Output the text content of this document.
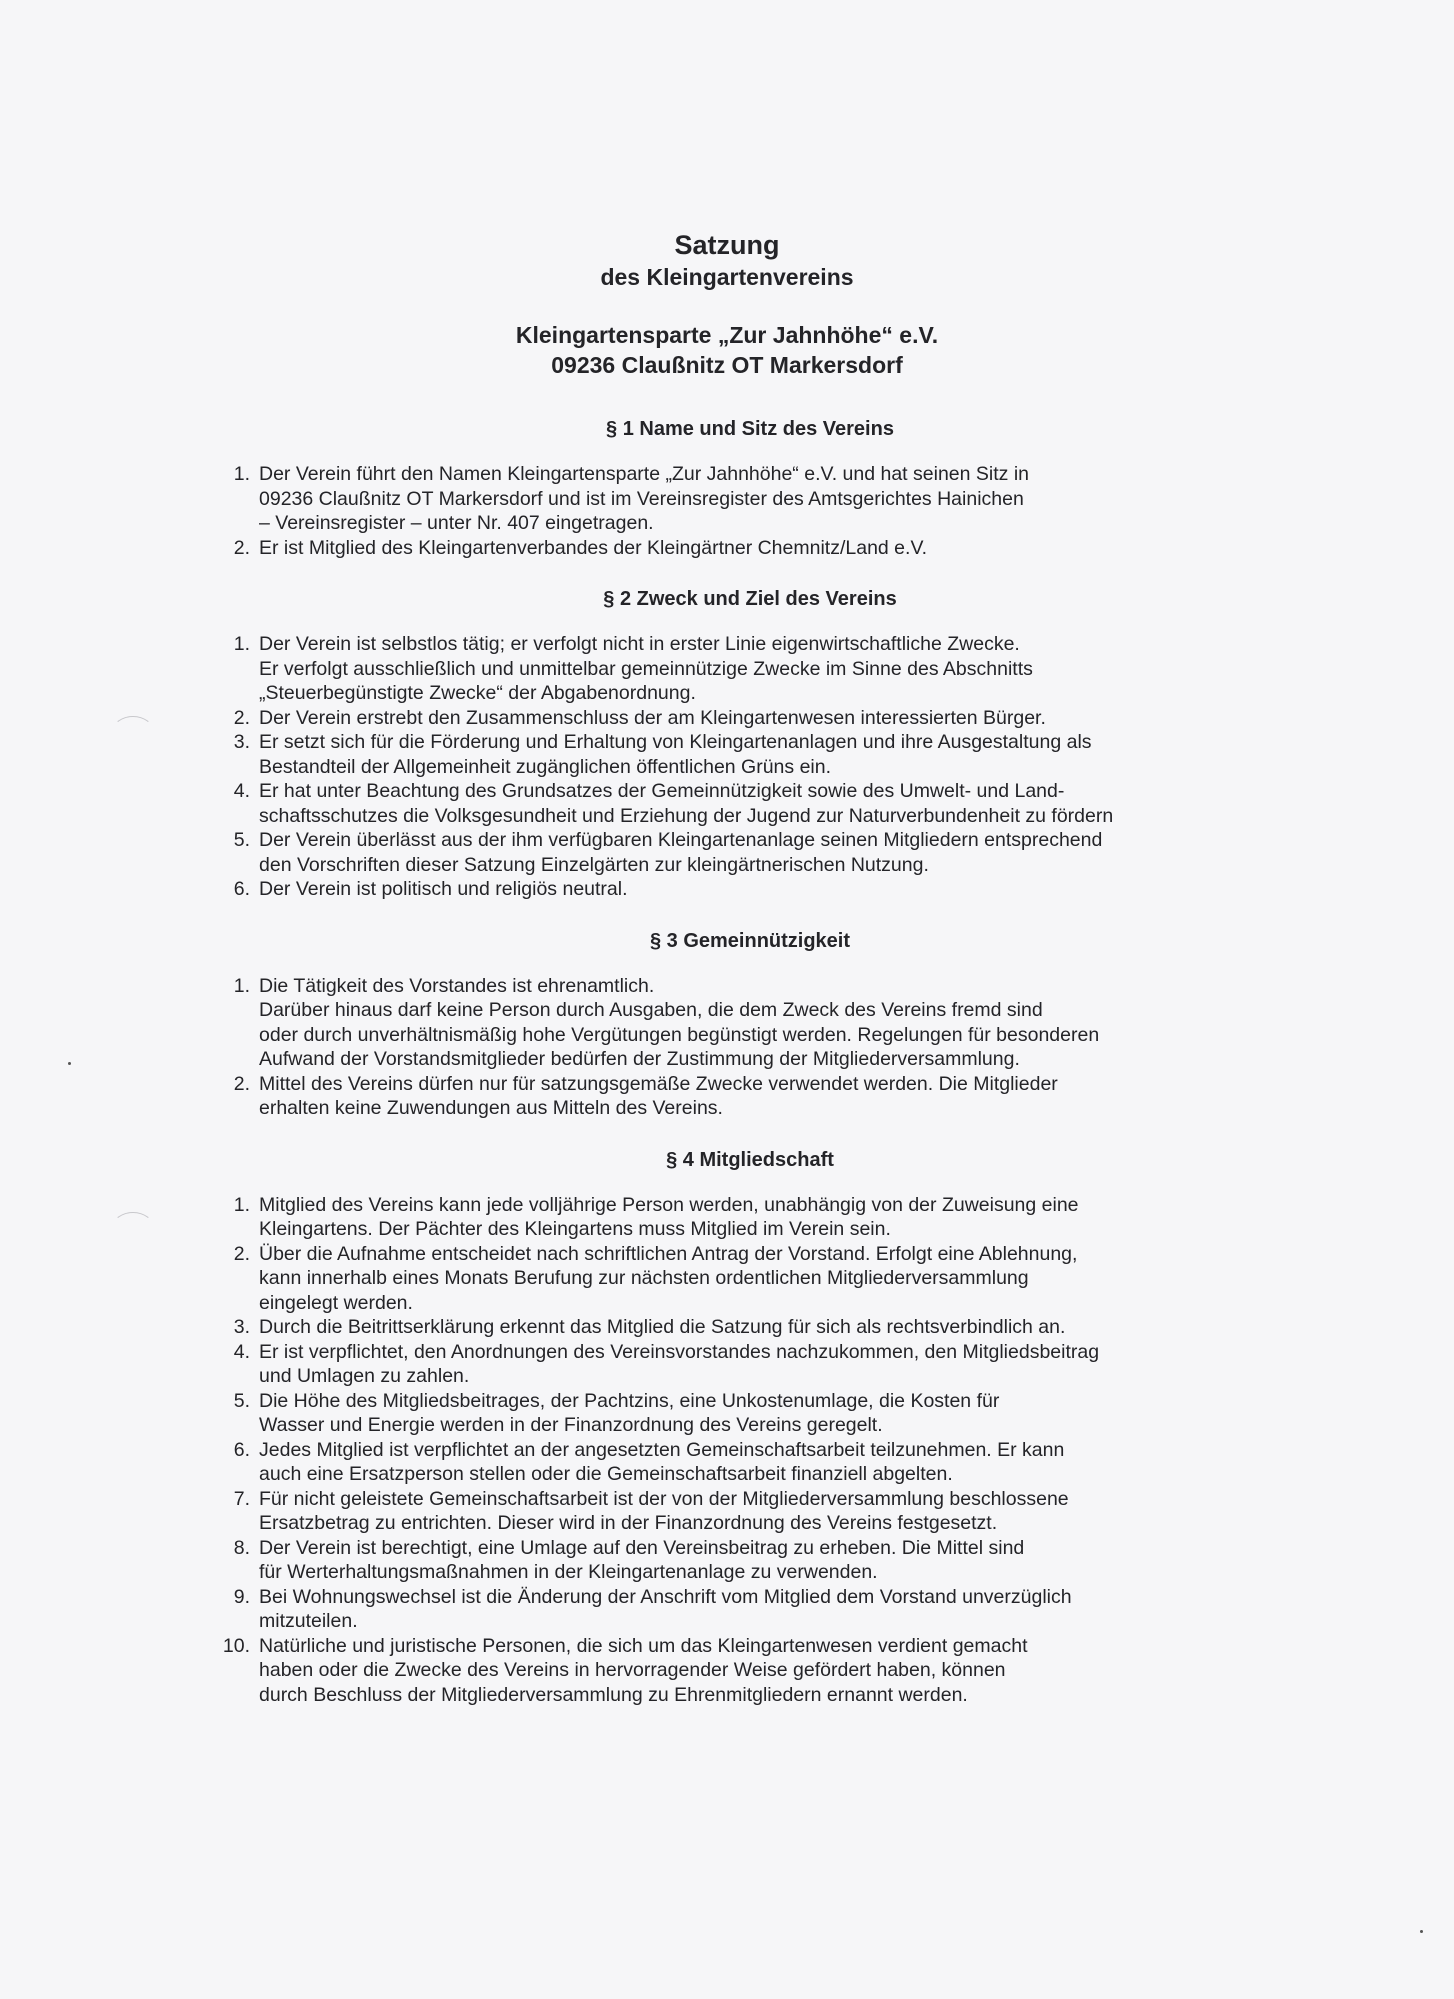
Satzung
des Kleingartenvereins
Kleingartensparte „Zur Jahnhöhe“ e.V.
09236 Claußnitz OT Markersdorf
§ 1 Name und Sitz des Vereins
1. Der Verein führt den Namen Kleingartensparte „Zur Jahnhöhe“ e.V. und hat seinen Sitz in
09236 Claußnitz OT Markersdorf und ist im Vereinsregister des Amtsgerichtes Hainichen
– Vereinsregister – unter Nr. 407 eingetragen.
2. Er ist Mitglied des Kleingartenverbandes der Kleingärtner Chemnitz/Land e.V.
§ 2 Zweck und Ziel des Vereins
1. Der Verein ist selbstlos tätig; er verfolgt nicht in erster Linie eigenwirtschaftliche Zwecke.
Er verfolgt ausschließlich und unmittelbar gemeinnützige Zwecke im Sinne des Abschnitts
„Steuerbegünstigte Zwecke“ der Abgabenordnung.
2. Der Verein erstrebt den Zusammenschluss der am Kleingartenwesen interessierten Bürger.
3. Er setzt sich für die Förderung und Erhaltung von Kleingartenanlagen und ihre Ausgestaltung als
Bestandteil der Allgemeinheit zugänglichen öffentlichen Grüns ein.
4. Er hat unter Beachtung des Grundsatzes der Gemeinnützigkeit sowie des Umwelt- und Land-
schaftsschutzes die Volksgesundheit und Erziehung der Jugend zur Naturverbundenheit zu fördern
5. Der Verein überlässt aus der ihm verfügbaren Kleingartenanlage seinen Mitgliedern entsprechend
den Vorschriften dieser Satzung Einzelgärten zur kleingärtnerischen Nutzung.
6. Der Verein ist politisch und religiös neutral.
§ 3 Gemeinnützigkeit
1. Die Tätigkeit des Vorstandes ist ehrenamtlich.
Darüber hinaus darf keine Person durch Ausgaben, die dem Zweck des Vereins fremd sind
oder durch unverhältnismäßig hohe Vergütungen begünstigt werden. Regelungen für besonderen
Aufwand der Vorstandsmitglieder bedürfen der Zustimmung der Mitgliederversammlung.
2. Mittel des Vereins dürfen nur für satzungsgemäße Zwecke verwendet werden. Die Mitglieder
erhalten keine Zuwendungen aus Mitteln des Vereins.
§ 4 Mitgliedschaft
1. Mitglied des Vereins kann jede volljährige Person werden, unabhängig von der Zuweisung eine
Kleingartens. Der Pächter des Kleingartens muss Mitglied im Verein sein.
2. Über die Aufnahme entscheidet nach schriftlichen Antrag der Vorstand. Erfolgt eine Ablehnung,
kann innerhalb eines Monats Berufung zur nächsten ordentlichen Mitgliederversammlung
eingelegt werden.
3. Durch die Beitrittserklärung erkennt das Mitglied die Satzung für sich als rechtsverbindlich an.
4. Er ist verpflichtet, den Anordnungen des Vereinsvorstandes nachzukommen, den Mitgliedsbeitrag
und Umlagen zu zahlen.
5. Die Höhe des Mitgliedsbeitrages, der Pachtzins, eine Unkostenumlage, die Kosten für
Wasser und Energie werden in der Finanzordnung des Vereins geregelt.
6. Jedes Mitglied ist verpflichtet an der angesetzten Gemeinschaftsarbeit teilzunehmen. Er kann
auch eine Ersatzperson stellen oder die Gemeinschaftsarbeit finanziell abgelten.
7. Für nicht geleistete Gemeinschaftsarbeit ist der von der Mitgliederversammlung beschlossene
Ersatzbetrag zu entrichten. Dieser wird in der Finanzordnung des Vereins festgesetzt.
8. Der Verein ist berechtigt, eine Umlage auf den Vereinsbeitrag zu erheben. Die Mittel sind
für Werterhaltungsmaßnahmen in der Kleingartenanlage zu verwenden.
9. Bei Wohnungswechsel ist die Änderung der Anschrift vom Mitglied dem Vorstand unverzüglich
mitzuteilen.
10. Natürliche und juristische Personen, die sich um das Kleingartenwesen verdient gemacht
haben oder die Zwecke des Vereins in hervorragender Weise gefördert haben, können
durch Beschluss der Mitgliederversammlung zu Ehrenmitgliedern ernannt werden.
